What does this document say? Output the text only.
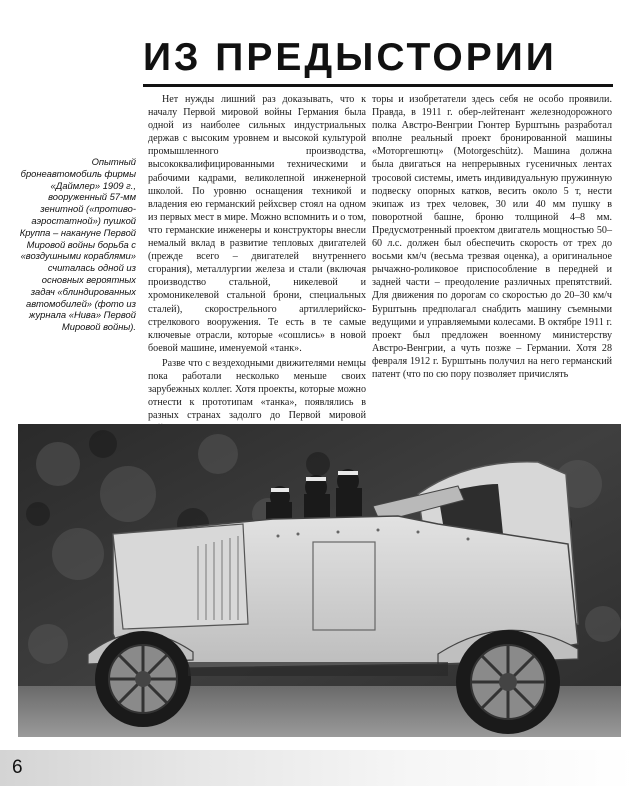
ИЗ ПРЕДЫСТОРИИ
Опытный бронеавтомобиль фирмы «Даймлер» 1909 г., вооруженный 57-мм зенитной («противо-аэростатной») пушкой Круппа – накануне Первой Мировой войны борьба с «воздушными кораблями» считалась одной из основных вероятных задач «блиндированных автомобилей» (фото из журнала «Нива» Первой Мировой войны).

Нет нужды лишний раз доказывать, что к началу Первой мировой войны Германия была одной из наиболее сильных индустриальных держав с высоким уровнем и высокой культурой промышленного производства, высококвалифицированными техническими и рабочими кадрами, великолепной инженерной школой. По уровню оснащения техникой и владения ею германский рейхсвер стоял на одном из первых мест в мире. Можно вспомнить и о том, что германские инженеры и конструкторы внесли немалый вклад в развитие тепловых двигателей (прежде всего – двигателей внутреннего сгорания), металлургии железа и стали (включая производство стальной, никелевой и хромоникелевой стальной брони, специальных сталей), скорострельного артиллерийско-стрелкового вооружения. Те есть в те самые ключевые отрасли, которые «сошлись» в новой боевой машине, именуемой «танк».

Разве что с вездеходными движителями немцы пока работали несколько меньше своих зарубежных коллег. Хотя проекты, которые можно отнести к прототипам «танка», появлялись в разных странах задолго до Первой мировой

торы и изобретатели здесь себя не особо проявили. Правда, в 1911 г. обер-лейтенант железнодорожного полка Австро-Венгрии Гюнтер Бурштынь разработал вполне реальный проект бронированной машины «Моторгешютц» (Motorgeschütz). Машина должна была двигаться на непрерывных гусеничных лентах тросовой системы, иметь индивидуальную пружинную подвеску опорных катков, весить около 5 т, нести экипаж из трех человек, 30 или 40 мм пушку в поворотной башне, броню толщиной 4–8 мм. Предусмотренный проектом двигатель мощностью 50–60 л.с. должен был обеспечить скорость от трех до восьми км/ч (весьма трезвая оценка), а оригинальное рычажно-роликовое приспособление в передней и задней части – преодоление различных препятствий. Для движения по дорогам со скоростью до 20–30 км/ч Бурштынь предполагал снабдить машину съемными ведущими и управляемыми колесами. В октябре 1911 г. проект был предложен военному министерству Австро-Венгрии, а чуть позже – Германии. Хотя 28 февраля 1912 г. Бурштынь получил на него германский патент (что по сю пору позволяет причислять

6
